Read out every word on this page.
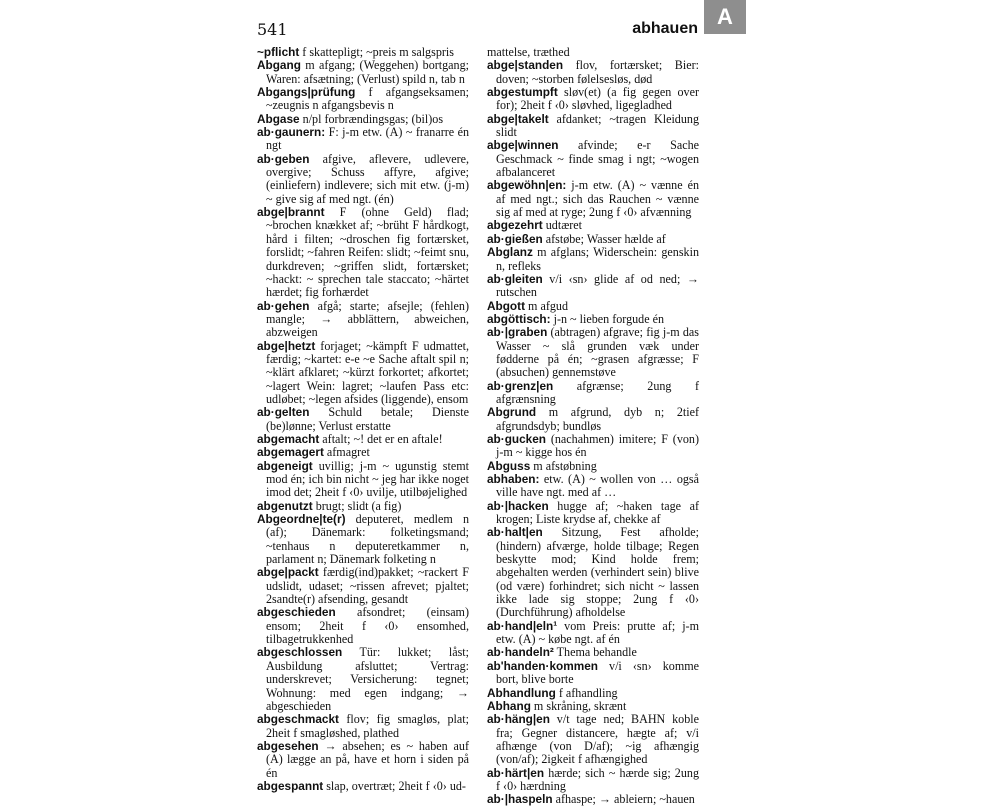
541	abhauen A
~pflicht f skattepligt; ~preis m salgspris
Abgang m afgang; (Weggehen) bortgang; Waren: afsætning; (Verlust) spild n, tab n
Abgangs|prüfung f afgangseksamen; ~zeugnis n afgangsbevis n
Abgase n/pl forbrændingsgas; (bil)os
ab·gaunern: F: j-m etw. (A) ~ franarre én ngt
ab·geben afgive, aflevere, udlevere, overgive; Schuss affyre, afgive; (einliefern) indlevere; sich mit etw. (j-m) ~ give sig af med ngt. (én)
abge|brannt F (ohne Geld) flad; ~brochen knækket af; ~brüht F hårdkogt, hård i filten; ~droschen fig fortærsket, forslidt; ~fahren Reifen: slidt; ~feimt snu, durkdreven; ~griffen slidt, fortærsket; ~hackt: ~ sprechen tale staccato; ~härtet hærdet; fig forhærdet
ab·gehen afgå; starte; afsejle; (fehlen) mangle; → abblättern, abweichen, abzweigen
abge|hetzt forjaget; ~kämpft F udmattet, færdig; ~kartet: e-e ~e Sache aftalt spil n; ~klärt afklaret; ~kürzt forkortet; afkortet; ~lagert Wein: lagret; ~laufen Pass etc: udløbet; ~legen afsides (liggende), ensom
ab·gelten Schuld betale; Dienste (be)lønne; Verlust erstatte
abgemacht aftalt; ~! det er en aftale!
abgemagert afmagret
abgeneigt uvillig; j-m ~ ugunstig stemt mod én; ich bin nicht ~ jeg har ikke noget imod det; 2heit f ‹0› uvilje, utilbøjelighed
abgenutzt brugt; slidt (a fig)
Abgeordne|te(r) deputeret, medlem n (af); Dänemark: folketingsmand; ~tenhaus n deputeretkammer n, parlament n; Dänemark folketing n
abge|packt færdig(ind)pakket; ~rackert F udslidt, udaset; ~rissen afrevet; pjaltet; 2sandte(r) afsending, gesandt
abgeschieden afsondret; (einsam) ensom; 2heit f ‹0› ensomhed, tilbagetrukkenhed
abgeschlossen Tür: lukket; låst; Ausbildung afsluttet; Vertrag: underskrevet; Versicherung: tegnet; Wohnung: med egen indgang; → abgeschieden
abgeschmackt flov; fig smagløs, plat; 2heit f smagløshed, plathed
abgesehen → absehen; es ~ haben auf (A) lægge an på, have et horn i siden på én
abgespannt slap, overtræt; 2heit f ‹0› ud-
mattelse, træthed
abge|standen flov, fortærsket; Bier: doven; ~storben følelsesløs, død
abgestumpft sløv(et) (a fig gegen over for); 2heit f ‹0› sløvhed, ligegladhed
abge|takelt afdanket; ~tragen Kleidung slidt
abge|winnen afvinde; e-r Sache Geschmack ~ finde smag i ngt; ~wogen afbalanceret
abgewöhn|en: j-m etw. (A) ~ vænne én af med ngt.; sich das Rauchen ~ vænne sig af med at ryge; 2ung f ‹0› afvænning
abgezehrt udtæret
ab·gießen afstøbe; Wasser hælde af
Abglanz m afglans; Widerschein: genskin n, refleks
ab·gleiten v/i ‹sn› glide af od ned; → rutschen
Abgott m afgud
abgöttisch: j-n ~ lieben forgude én
ab·|graben (abtragen) afgrave; fig j-m das Wasser ~ slå grunden væk under fødderne på én; ~grasen afgræsse; F (absuchen) gennemstøve
ab·grenz|en afgrænse; 2ung f afgrænsning
Abgrund m afgrund, dyb n; 2tief afgrundsdyb; bundløs
ab·gucken (nachahmen) imitere; F (von) j-m ~ kigge hos én
Abguss m afstøbning
abhaben: etw. (A) ~ wollen von … også ville have ngt. med af …
ab·|hacken hugge af; ~haken tage af krogen; Liste krydse af, chekke af
ab·halt|en Sitzung, Fest afholde; (hindern) afværge, holde tilbage; Regen beskytte mod; Kind holde frem; abgehalten werden (verhindert sein) blive (od være) forhindret; sich nicht ~ lassen ikke lade sig stoppe; 2ung f ‹0› (Durchführung) afholdelse
ab·hand|eln¹ vom Preis: prutte af; j-m etw. (A) ~ købe ngt. af én
ab·handeln² Thema behandle
ab'handen·kommen v/i ‹sn› komme bort, blive borte
Abhandlung f afhandling
Abhang m skråning, skrænt
ab·häng|en v/t tage ned; BAHN koble fra; Gegner distancere, hægte af; v/i afhænge (von D/af); ~ig afhængig (von/af); 2igkeit f afhængighed
ab·härt|en hærde; sich ~ hærde sig; 2ung f ‹0› hærdning
ab·|haspeln afhaspe; → ableiern; ~hauen
